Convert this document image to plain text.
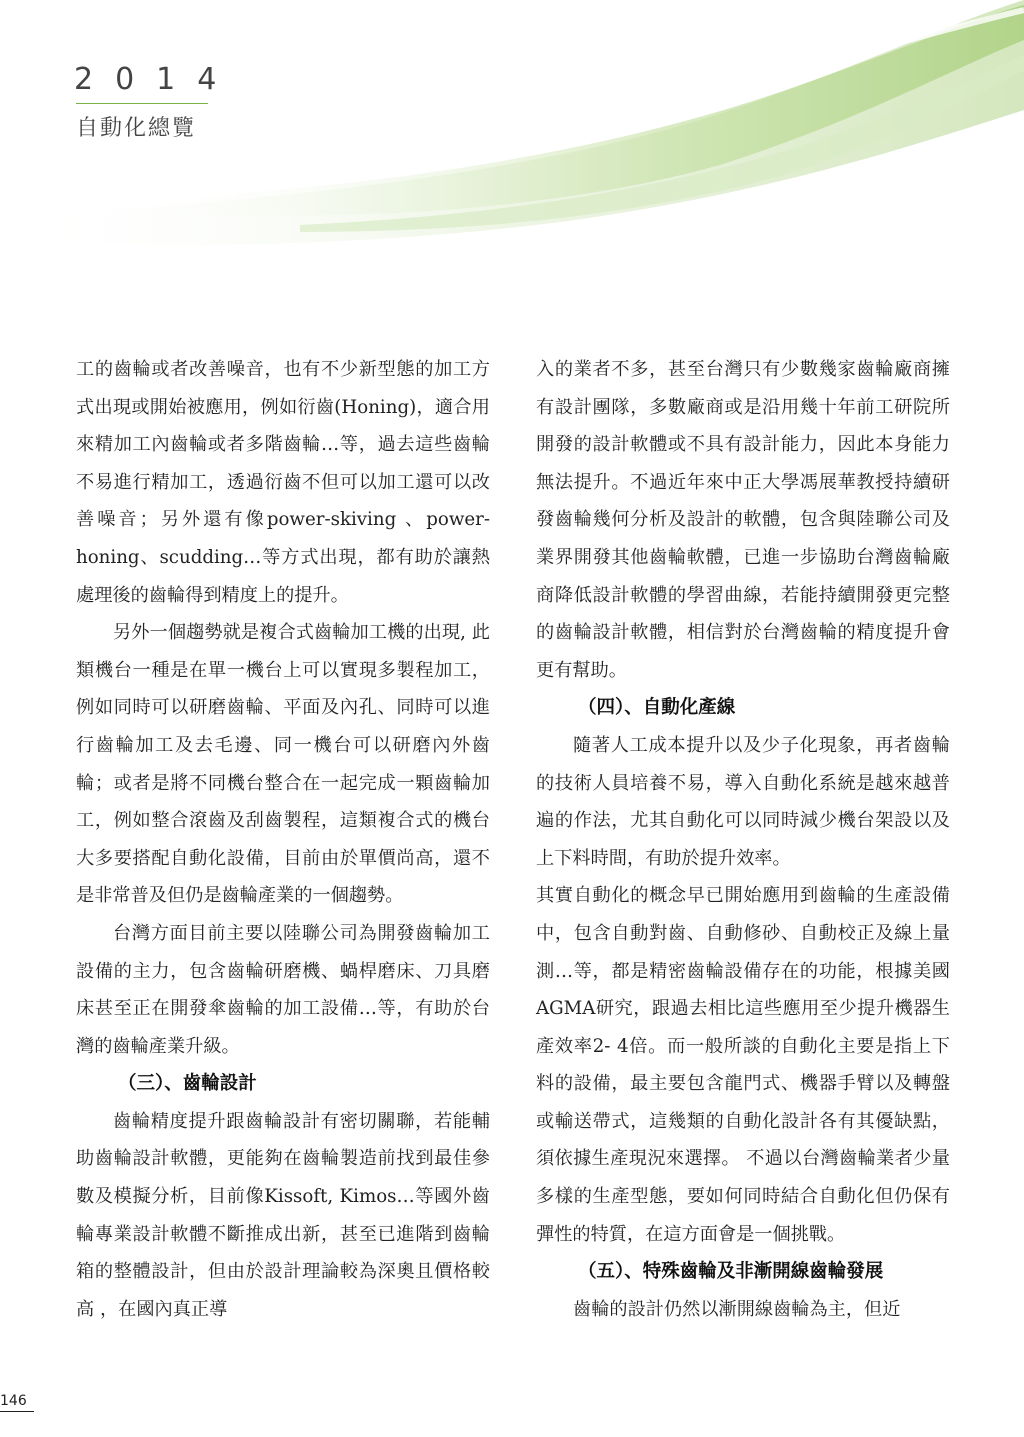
2014
自動化總覽

工的齒輪或者改善噪音，也有不少新型態的加工方式出現或開始被應用，例如衍齒(Honing)，適合用來精加工內齒輪或者多階齒輪…等，過去這些齒輪不易進行精加工，透過衍齒不但可以加工還可以改善噪音；另外還有像power-skiving 、power-honing、scudding…等方式出現，都有助於讓熱處理後的齒輪得到精度上的提升。

另外一個趨勢就是複合式齒輪加工機的出現, 此類機台一種是在單一機台上可以實現多製程加工，例如同時可以研磨齒輪、平面及內孔、同時可以進行齒輪加工及去毛邊、同一機台可以研磨內外齒輪；或者是將不同機台整合在一起完成一顆齒輪加工，例如整合滾齒及刮齒製程，這類複合式的機台大多要搭配自動化設備，目前由於單價尚高，還不是非常普及但仍是齒輪產業的一個趨勢。

台灣方面目前主要以陸聯公司為開發齒輪加工設備的主力，包含齒輪研磨機、蝸桿磨床、刀具磨床甚至正在開發傘齒輪的加工設備…等，有助於台灣的齒輪產業升級。

（三）、齒輪設計

齒輪精度提升跟齒輪設計有密切關聯，若能輔助齒輪設計軟體，更能夠在齒輪製造前找到最佳參數及模擬分析，目前像Kissoft, Kimos…等國外齒輪專業設計軟體不斷推成出新，甚至已進階到齒輪箱的整體設計，但由於設計理論較為深奧且價格較高 ，在國內真正導

入的業者不多，甚至台灣只有少數幾家齒輪廠商擁有設計團隊，多數廠商或是沿用幾十年前工研院所開發的設計軟體或不具有設計能力，因此本身能力無法提升。不過近年來中正大學馮展華教授持續研發齒輪幾何分析及設計的軟體，包含與陸聯公司及業界開發其他齒輪軟體，已進一步協助台灣齒輪廠商降低設計軟體的學習曲線，若能持續開發更完整的齒輪設計軟體，相信對於台灣齒輪的精度提升會更有幫助。

（四）、自動化產線

隨著人工成本提升以及少子化現象，再者齒輪的技術人員培養不易，導入自動化系統是越來越普遍的作法，尤其自動化可以同時減少機台架設以及上下料時間，有助於提升效率。

其實自動化的概念早已開始應用到齒輪的生產設備中，包含自動對齒、自動修砂、自動校正及線上量測…等，都是精密齒輪設備存在的功能，根據美國AGMA研究，跟過去相比這些應用至少提升機器生產效率2- 4倍。而一般所談的自動化主要是指上下料的設備，最主要包含龍門式、機器手臂以及轉盤或輸送帶式，這幾類的自動化設計各有其優缺點，須依據生產現況來選擇。 不過以台灣齒輪業者少量多樣的生產型態，要如何同時結合自動化但仍保有彈性的特質，在這方面會是一個挑戰。

（五）、特殊齒輪及非漸開線齒輪發展

齒輪的設計仍然以漸開線齒輪為主，但近

146
